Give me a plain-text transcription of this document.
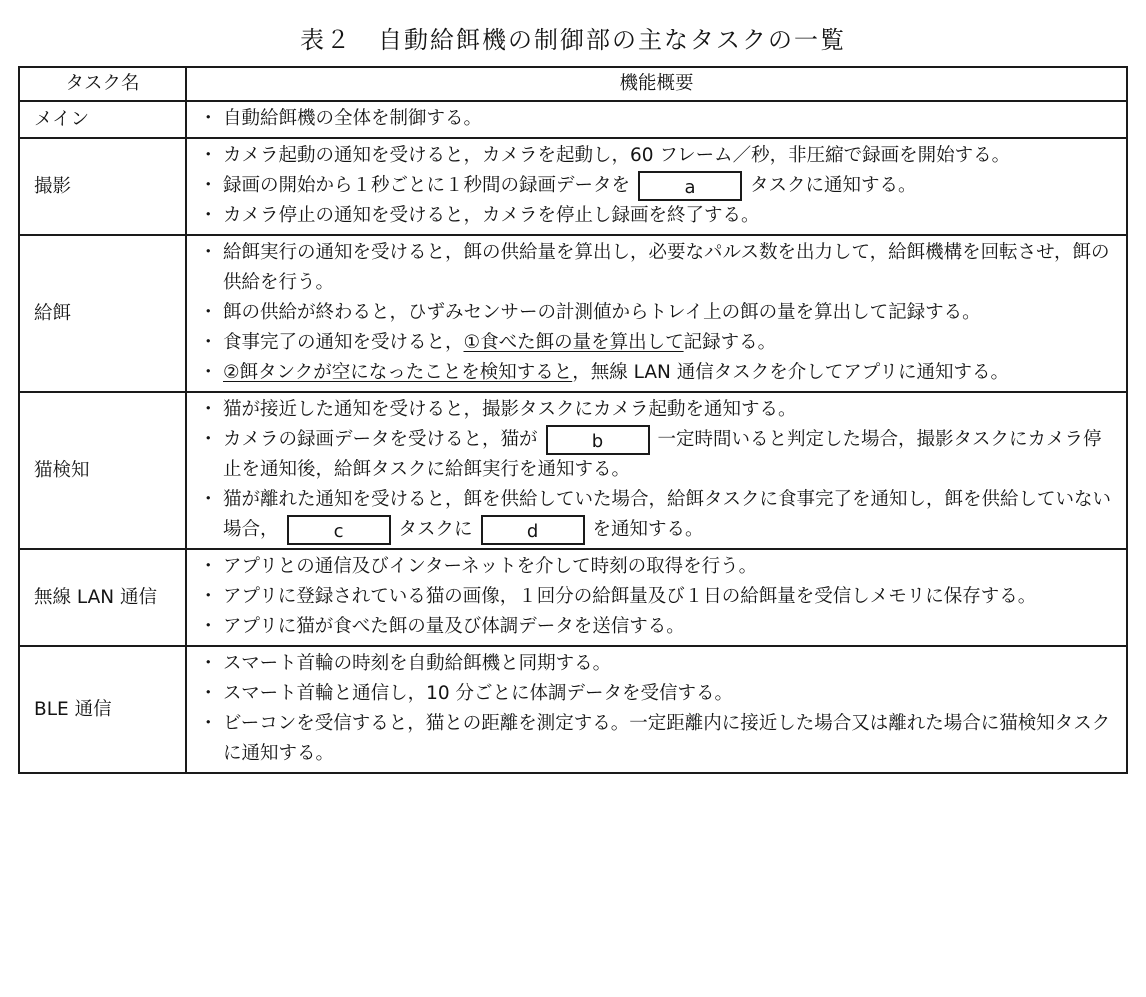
表２　自動給餌機の制御部の主なタスクの一覧
タスク名	機能概要
メイン	・ 自動給餌機の全体を制御する。

撮影	・ カメラ起動の通知を受けると，カメラを起動し，60 フレーム／秒，非圧縮で録画を開始する。
・ 録画の開始から１秒ごとに１秒間の録画データを a タスクに通知する。
・ カメラ停止の通知を受けると，カメラを停止し録画を終了する。

給餌	・ 給餌実行の通知を受けると，餌の供給量を算出し，必要なパルス数を出力して，給餌機構を回転させ，餌の供給を行う。
・ 餌の供給が終わると，ひずみセンサーの計測値からトレイ上の餌の量を算出して記録する。
・ 食事完了の通知を受けると，①食べた餌の量を算出して記録する。
・ ②餌タンクが空になったことを検知すると，無線 LAN 通信タスクを介してアプリに通知する。

猫検知	・ 猫が接近した通知を受けると，撮影タスクにカメラ起動を通知する。
・ カメラの録画データを受けると，猫が b 一定時間いると判定した場合，撮影タスクにカメラ停止を通知後，給餌タスクに給餌実行を通知する。
・ 猫が離れた通知を受けると，餌を供給していた場合，給餌タスクに食事完了を通知し，餌を供給していない場合， c タスクに d を通知する。

無線 LAN 通信	・ アプリとの通信及びインターネットを介して時刻の取得を行う。
・ アプリに登録されている猫の画像，１回分の給餌量及び１日の給餌量を受信しメモリに保存する。
・ アプリに猫が食べた餌の量及び体調データを送信する。

BLE 通信	・ スマート首輪の時刻を自動給餌機と同期する。
・ スマート首輪と通信し，10 分ごとに体調データを受信する。
・ ビーコンを受信すると，猫との距離を測定する。一定距離内に接近した場合又は離れた場合に猫検知タスクに通知する。
